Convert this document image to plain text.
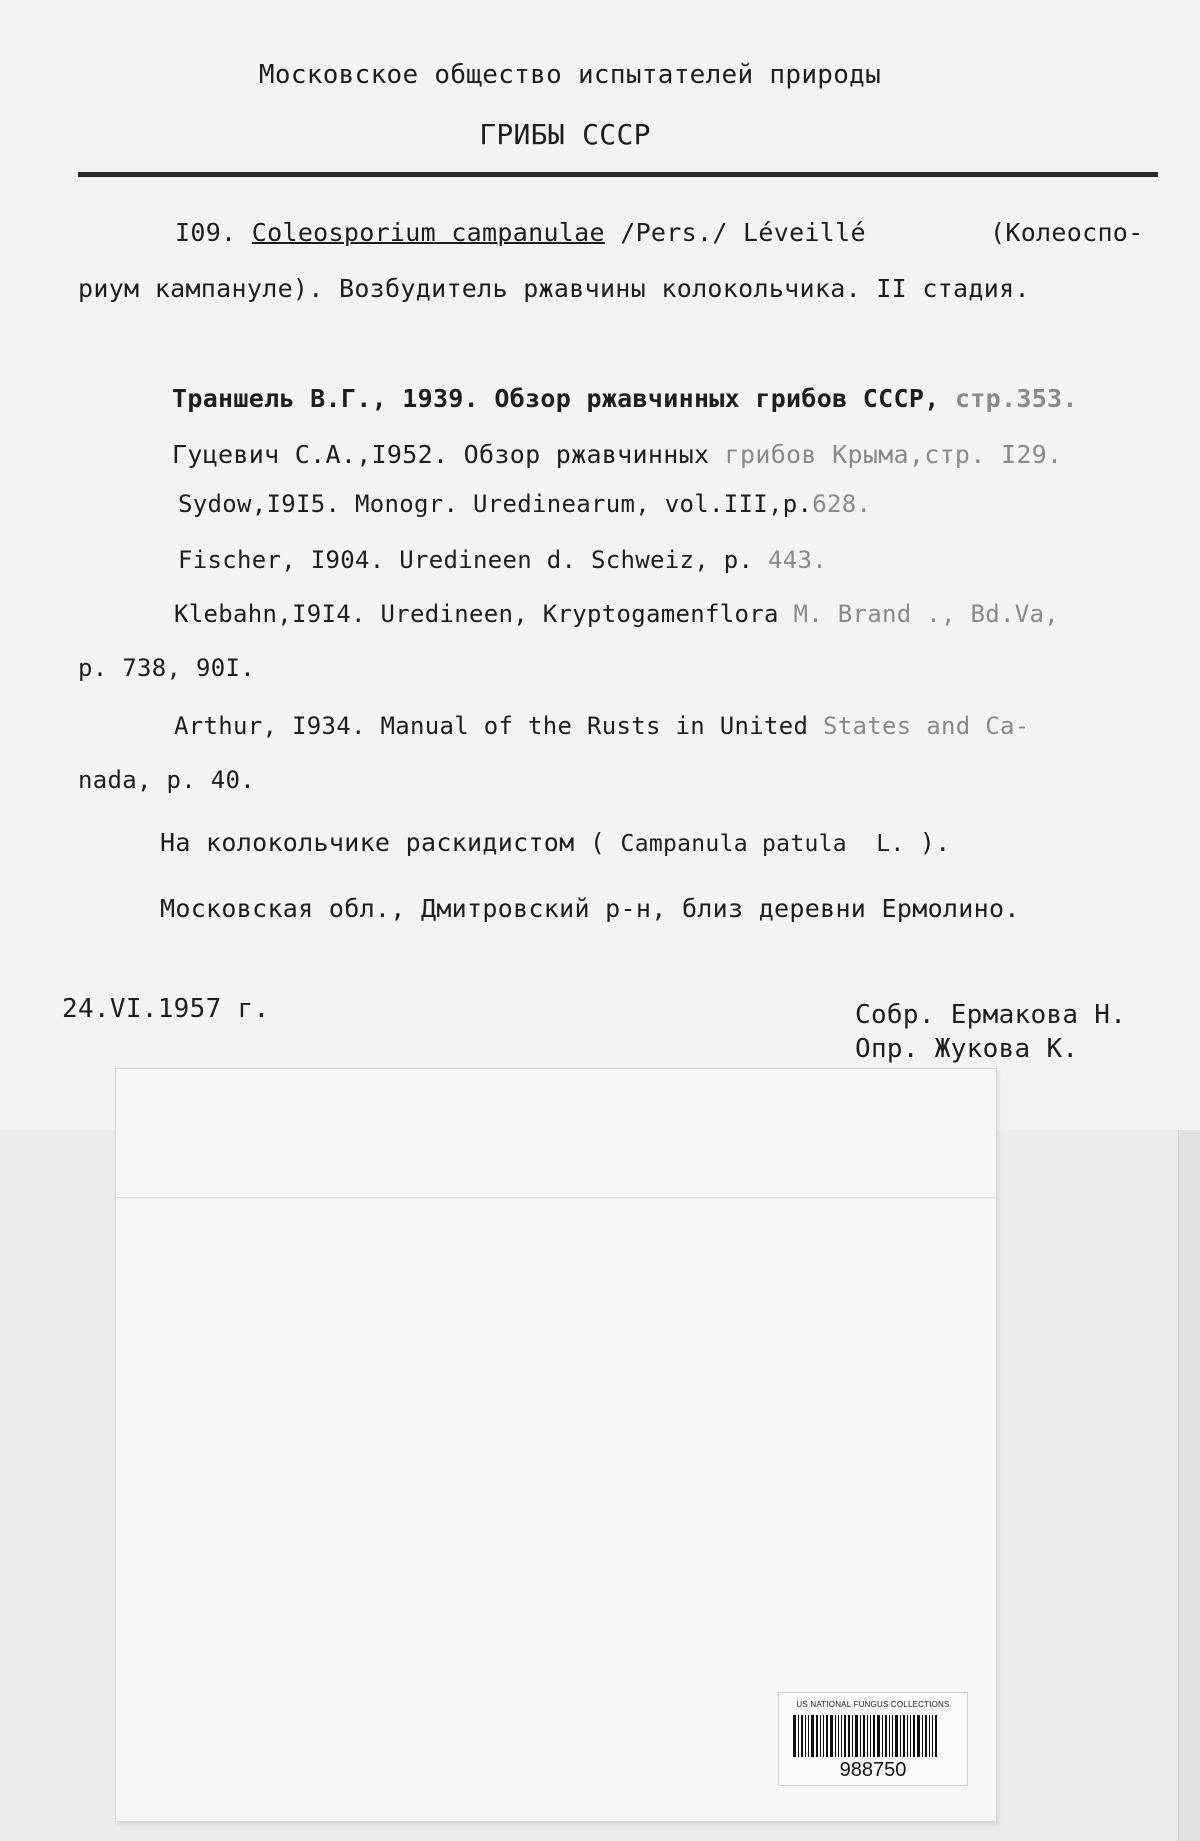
Московское общество испытателей природы
ГРИБЫ СССР
I09. Coleosporium campanulae /Pers./ Léveillé	(Колеоспо-
риум кампануле). Возбудитель ржавчины колокольчика. II стадия.
Траншель В.Г., 1939. Обзор ржавчинных грибов СССР, стр.353.
Гуцевич С.А.,I952. Обзор ржавчинных грибов Крыма,стр. I29.
Sydow,I9I5. Monogr. Uredinearum, vol.III,p.628.
Fischer, I904. Uredineen d. Schweiz, p. 443.
Klebahn,I9I4. Uredineen, Kryptogamenflora M. Brand ., Bd.Va,
p. 738, 90I.
Arthur, I934. Manual of the Rusts in United States and Ca-
nada, p. 40.
На колокольчике раскидистом ( Campanula patula L. ).
Московская обл., Дмитровский р-н, близ деревни Ермолино.
24.VI.1957 г.	Собр. Ермакова Н.
Опр. Жукова К.
US NATIONAL FUNGUS COLLECTIONS
988750
